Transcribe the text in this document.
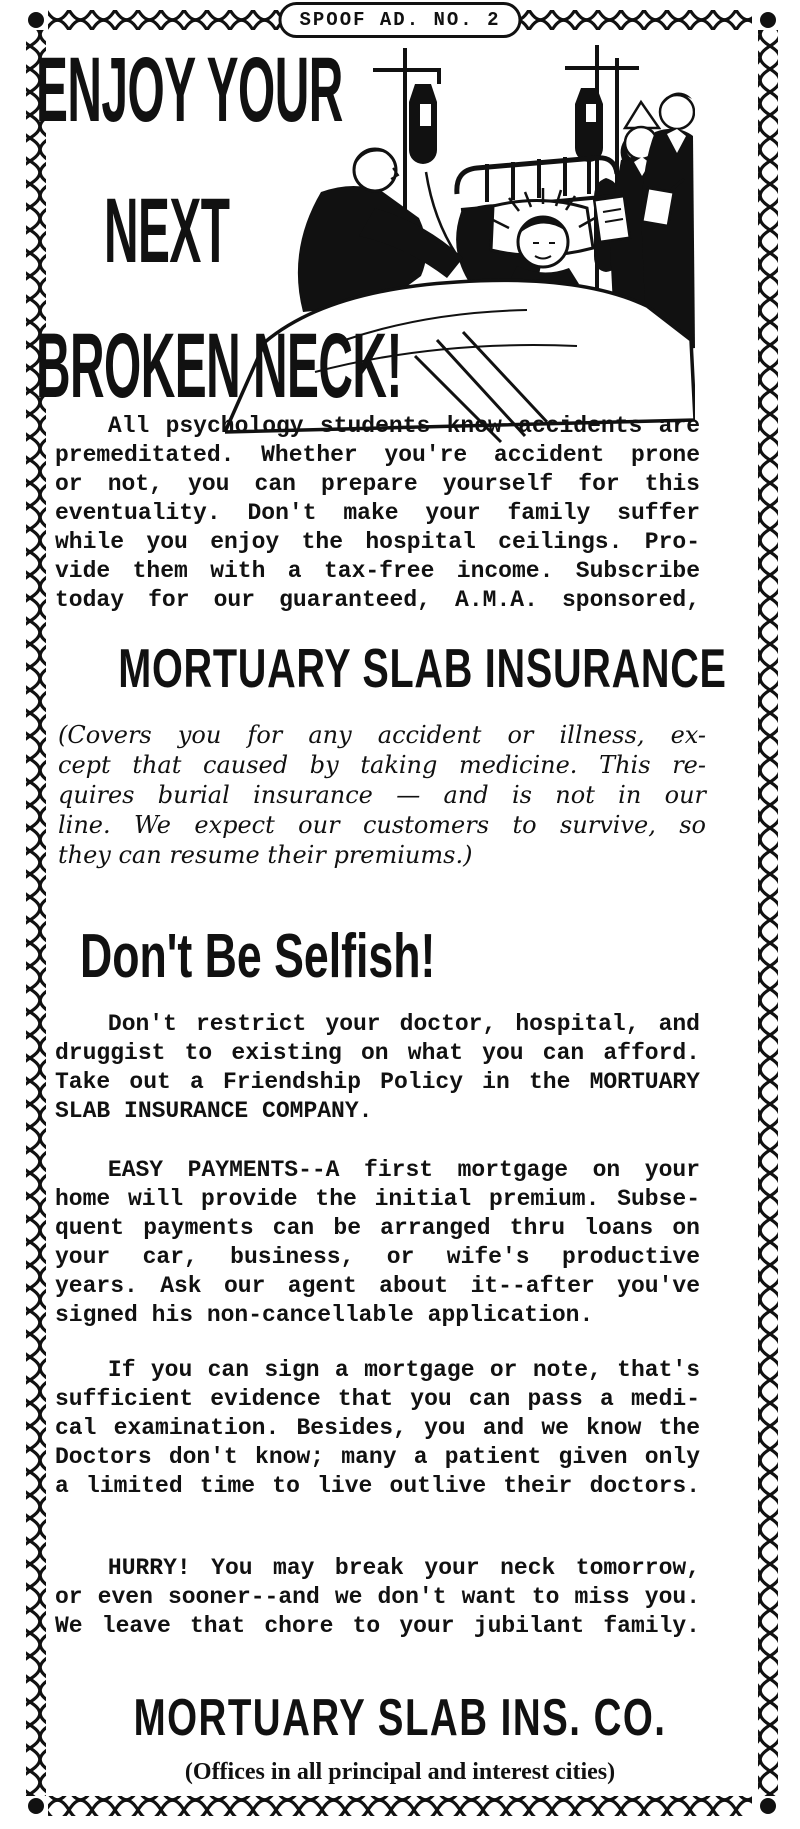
SPOOF AD. NO. 2
ENJOY YOUR
NEXT
BROKEN NECK!
All psychology students know accidents are
premeditated. Whether you're accident prone
or not, you can prepare yourself for this
eventuality. Don't make your family suffer
while you enjoy the hospital ceilings. Pro-
vide them with a tax-free income. Subscribe
today for our guaranteed, A.M.A. sponsored,
MORTUARY SLAB INSURANCE
(Covers you for any accident or illness, ex-
cept that caused by taking medicine. This re-
quires burial insurance — and is not in our
line. We expect our customers to survive, so
they can resume their premiums.)
Don't Be Selfish!
Don't restrict your doctor, hospital, and
druggist to existing on what you can afford.
Take out a Friendship Policy in the MORTUARY
SLAB INSURANCE COMPANY.
EASY PAYMENTS--A first mortgage on your
home will provide the initial premium. Subse-
quent payments can be arranged thru loans on
your car, business, or wife's productive
years. Ask our agent about it--after you've
signed his non-cancellable application.
If you can sign a mortgage or note, that's
sufficient evidence that you can pass a medi-
cal examination. Besides, you and we know the
Doctors don't know; many a patient given only
a limited time to live outlive their doctors.
HURRY! You may break your neck tomorrow,
or even sooner--and we don't want to miss you.
We leave that chore to your jubilant family.
MORTUARY SLAB INS. CO.
(Offices in all principal and interest cities)
